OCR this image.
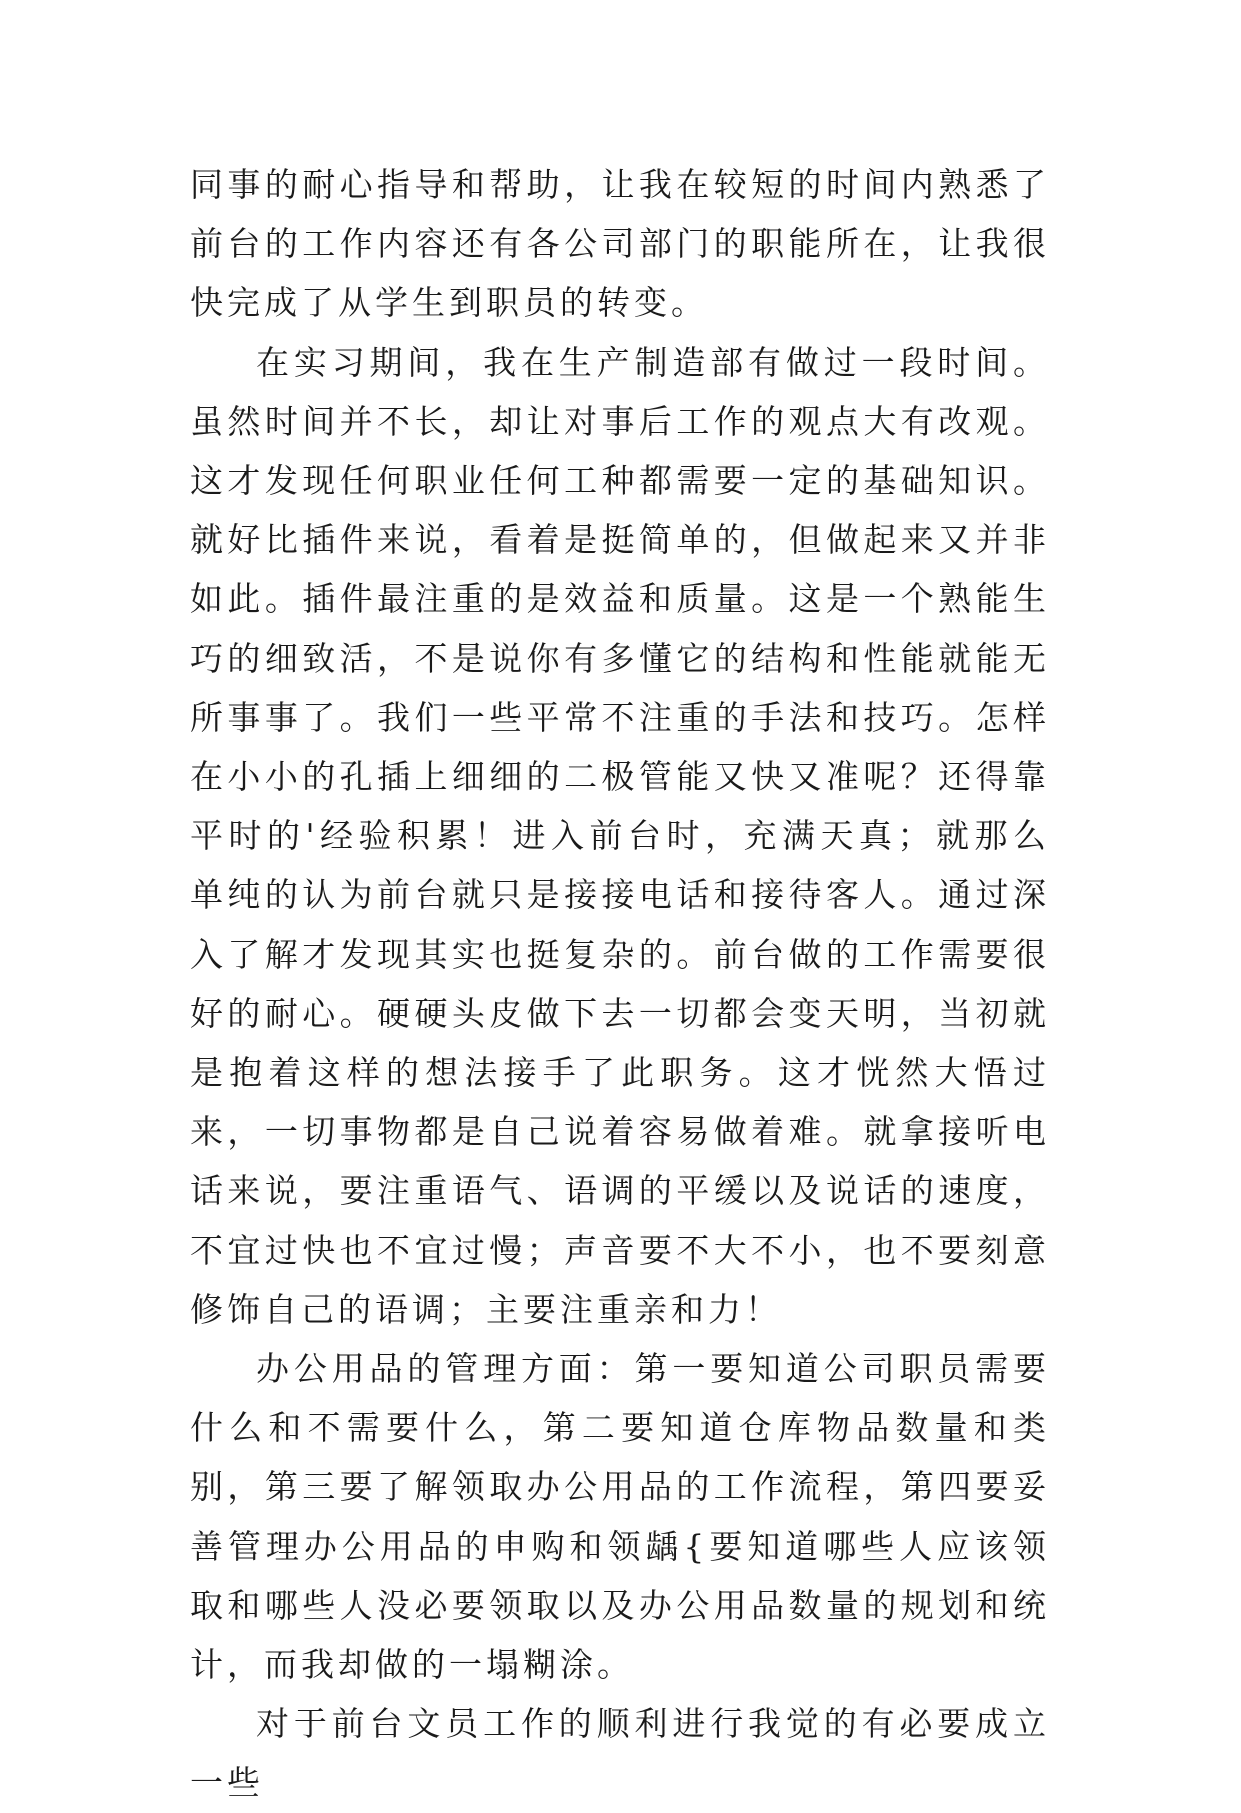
同事的耐心指导和帮助，让我在较短的时间内熟悉了前台的工作内容还有各公司部门的职能所在，让我很快完成了从学生到职员的转变。

在实习期间，我在生产制造部有做过一段时间。虽然时间并不长，却让对事后工作的观点大有改观。这才发现任何职业任何工种都需要一定的基础知识。就好比插件来说，看着是挺简单的，但做起来又并非如此。插件最注重的是效益和质量。这是一个熟能生巧的细致活，不是说你有多懂它的结构和性能就能无所事事了。我们一些平常不注重的手法和技巧。怎样在小小的孔插上细细的二极管能又快又准呢？还得靠平时的'经验积累！进入前台时，充满天真；就那么单纯的认为前台就只是接接电话和接待客人。通过深入了解才发现其实也挺复杂的。前台做的工作需要很好的耐心。硬硬头皮做下去一切都会变天明，当初就是抱着这样的想法接手了此职务。这才恍然大悟过来，一切事物都是自己说着容易做着难。就拿接听电话来说，要注重语气、语调的平缓以及说话的速度，不宜过快也不宜过慢；声音要不大不小，也不要刻意修饰自己的语调；主要注重亲和力！

办公用品的管理方面：第一要知道公司职员需要什么和不需要什么，第二要知道仓库物品数量和类别，第三要了解领取办公用品的工作流程，第四要妥善管理办公用品的申购和领龋{要知道哪些人应该领取和哪些人没必要领取以及办公用品数量的规划和统计，而我却做的一塌糊涂。

对于前台文员工作的顺利进行我觉的有必要成立一些
